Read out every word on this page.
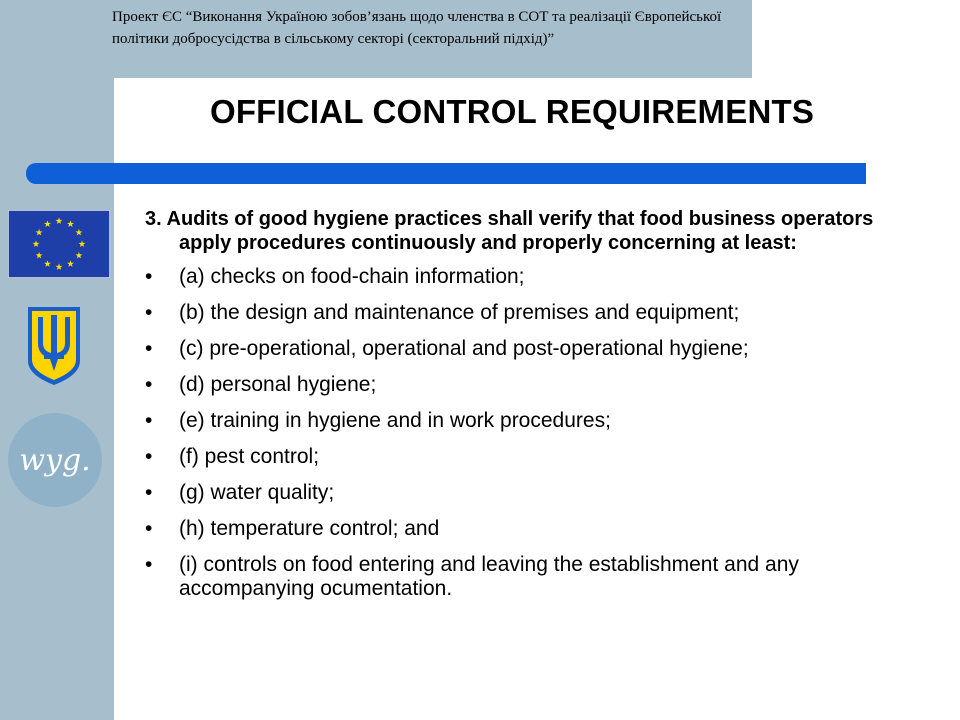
Проект ЄС “Виконання Україною зобов’язань щодо членства в СОТ та реалізації Європейської політики добросусідства в сільському секторі (секторальний підхід)”
OFFICIAL CONTROL REQUIREMENTS
wyg.
3. Audits of good hygiene practices shall verify that food business operators apply procedures continuously and properly concerning at least:
• (a) checks on food-chain information;
• (b) the design and maintenance of premises and equipment;
• (c) pre-operational, operational and post-operational hygiene;
• (d) personal hygiene;
• (e) training in hygiene and in work procedures;
• (f) pest control;
• (g) water quality;
• (h) temperature control; and
• (i) controls on food entering and leaving the establishment and any accompanying ocumentation.
